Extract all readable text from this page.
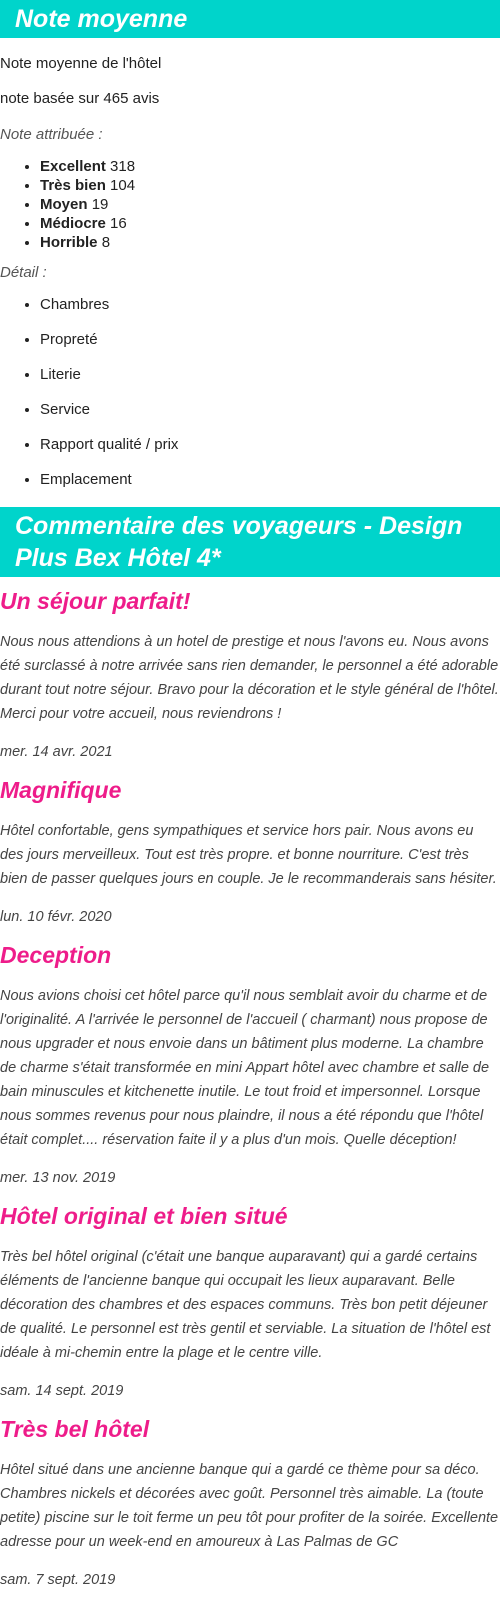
Note moyenne

Note moyenne de l'hôtel

note basée sur 465 avis

Note attribuée :

• Excellent 318
• Très bien 104
• Moyen 19
• Médiocre 16
• Horrible 8

Détail :

• Chambres
• Propreté
• Literie
• Service
• Rapport qualité / prix
• Emplacement
Commentaire des voyageurs - Design Plus Bex Hôtel 4*
Un séjour parfait!

Nous nous attendions à un hotel de prestige et nous l'avons eu. Nous avons été surclassé à notre arrivée sans rien demander, le personnel a été adorable durant tout notre séjour. Bravo pour la décoration et le style général de l'hôtel. Merci pour votre accueil, nous reviendrons !

mer. 14 avr. 2021

Magnifique

Hôtel confortable, gens sympathiques et service hors pair. Nous avons eu des jours merveilleux. Tout est très propre. et bonne nourriture. C'est très bien de passer quelques jours en couple. Je le recommanderais sans hésiter.

lun. 10 févr. 2020

Deception

Nous avions choisi cet hôtel parce qu'il nous semblait avoir du charme et de l'originalité. A l'arrivée le personnel de l'accueil ( charmant) nous propose de nous upgrader et nous envoie dans un bâtiment plus moderne. La chambre de charme s'était transformée en mini Appart hôtel avec chambre et salle de bain minuscules et kitchenette inutile. Le tout froid et impersonnel. Lorsque nous sommes revenus pour nous plaindre, il nous a été répondu que l'hôtel était complet.... réservation faite il y a plus d'un mois. Quelle déception!

mer. 13 nov. 2019

Hôtel original et bien situé

Très bel hôtel original (c'était une banque auparavant) qui a gardé certains éléments de l'ancienne banque qui occupait les lieux auparavant. Belle décoration des chambres et des espaces communs. Très bon petit déjeuner de qualité. Le personnel est très gentil et serviable. La situation de l'hôtel est idéale à mi-chemin entre la plage et le centre ville.

sam. 14 sept. 2019

Très bel hôtel

Hôtel situé dans une ancienne banque qui a gardé ce thème pour sa déco. Chambres nickels et décorées avec goût. Personnel très aimable. La (toute petite) piscine sur le toit ferme un peu tôt pour profiter de la soirée. Excellente adresse pour un week-end en amoureux à Las Palmas de GC

sam. 7 sept. 2019
